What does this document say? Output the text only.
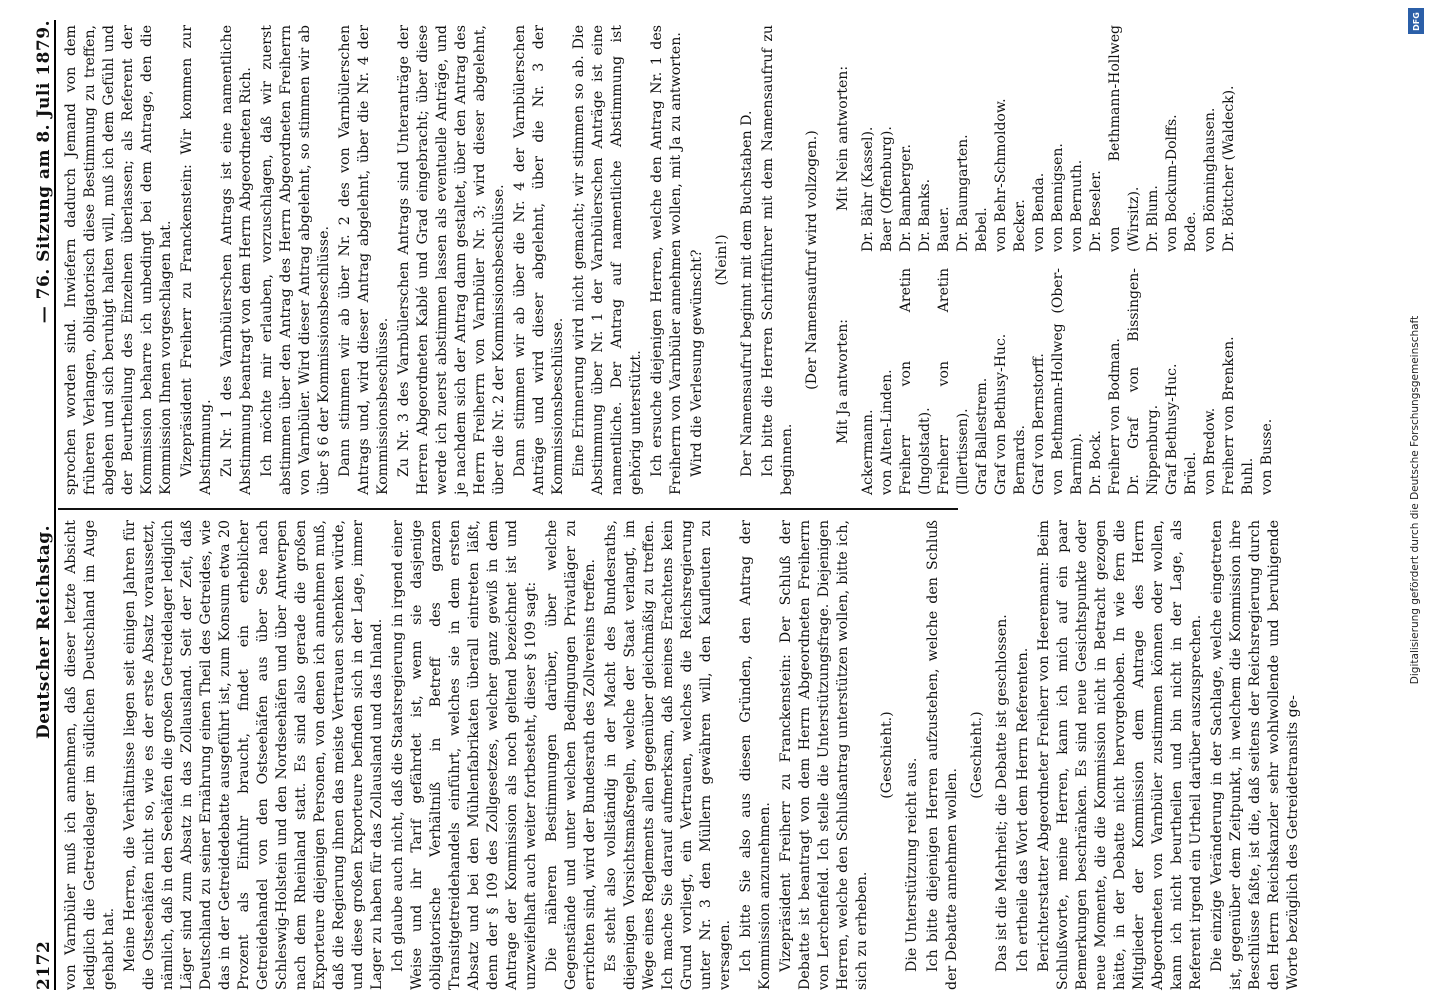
2172
Deutscher Reichstag.
— 76. Sitzung am 8. Juli 1879.

von Varnbüler muß ich annehmen, daß dieser letzte Absicht lediglich die Getreidelager im südlichen Deutschland im Auge gehabt hat. Meine Herren, die Verhältnisse liegen seit einigen Jahren für die Ostseehäfen nicht so, wie es der erste Absatz voraussetzt, nämlich, daß in den Seehäfen die großen Getreidelager lediglich Läger sind zum Absatz in das Zollausland. Seit der Zeit, daß Deutschland zu seiner Ernährung einen Theil des Getreides, wie das in der Getreidedebatte ausgeführt ist, zum Konsum etwa 20 Prozent als Einfuhr braucht, findet ein erheblicher Getreidehandel von den Ostseehäfen aus über See nach Schleswig-Holstein und den Nordseehäfen und über Antwerpen nach dem Rheinland statt. Es sind also gerade die großen Exporteure diejenigen Personen, von denen ich annehmen muß, daß die Regierung ihnen das meiste Vertrauen schenken würde, und diese großen Exporteure befinden sich in der Lage, immer Lager zu haben für das Zollausland und das Inland. Ich glaube auch nicht, daß die Staatsregierung in irgend einer Weise und ihr Tarif gefährdet ist, wenn sie dasjenige obligatorische Verhältniß in Betreff des ganzen Transitgetreidehandels einführt, welches sie in dem ersten Absatz und bei den Mühlenfabrikaten überall eintreten läßt, denn der § 109 des Zollgesetzes, welcher ganz gewiß in dem Antrage der Kommission als noch geltend bezeichnet ist und unzweifelhaft auch weiter fortbesteht, dieser § 109 sagt: Die näheren Bestimmungen darüber, über welche Gegenstände und unter welchen Bedingungen Privatläger zu errichten sind, wird der Bundesrath des Zollvereins treffen. Es steht also vollständig in der Macht des Bundesraths, diejenigen Vorsichtsmaßregeln, welche der Staat verlangt, im Wege eines Reglements allen gegenüber gleichmäßig zu treffen. Ich mache Sie darauf aufmerksam, daß meines Erachtens kein Grund vorliegt, ein Vertrauen, welches die Reichsregierung unter Nr. 3 den Müllern gewähren will, den Kaufleuten zu versagen. Ich bitte Sie also aus diesen Gründen, den Antrag der Kommission anzunehmen. Vizepräsident Freiherr zu Franckenstein: Der Schluß der Debatte ist beantragt von dem Herrn Abgeordneten Freiherrn von Lerchenfeld. Ich stelle die Unterstützungsfrage. Diejenigen Herren, welche den Schlußantrag unterstützen wollen, bitte ich, sich zu erheben.

(Geschieht.)

Die Unterstützung reicht aus. Ich bitte diejenigen Herren aufzustehen, welche den Schluß der Debatte annehmen wollen.

(Geschieht.) Das ist die Mehrheit; die Debatte ist geschlossen. Ich ertheile das Wort dem Herrn Referenten. Berichterstatter Abgeordneter Freiherr von Heeremann: Beim Schlußworte, meine Herren, kann ich mich auf ein paar Bemerkungen beschränken. Es sind neue Gesichtspunkte oder neue Momente, die die Kommission nicht in Betracht gezogen hätte, in der Debatte nicht hervorgehoben. In wie fern die Mitglieder der Kommission dem Antrage des Herrn Abgeordneten von Varnbüler zustimmen können oder wollen, kann ich nicht beurtheilen und bin nicht in der Lage, als Referent irgend ein Urtheil darüber auszusprechen. Die einzige Veränderung in der Sachlage, welche eingetreten ist, gegenüber dem Zeitpunkt, in welchem die Kommission ihre Beschlüsse faßte, ist die, daß seitens der Reichsregierung durch den Herrn Reichskanzler sehr wohlwollende und beruhigende Worte bezüglich des Getreidetransits ge-

sprochen worden sind. Inwiefern dadurch Jemand von dem früheren Verlangen, obligatorisch diese Bestimmung zu treffen, abgehen und sich beruhigt halten will, muß ich dem Gefühl und der Beurtheilung des Einzelnen überlassen; als Referent der Kommission beharre ich unbedingt bei dem Antrage, den die Kommission Ihnen vorgeschlagen hat. Vizepräsident Freiherr zu Franckenstein: Wir kommen zur Abstimmung. Zu Nr. 1 des Varnbülerschen Antrags ist eine namentliche Abstimmung beantragt von dem Herrn Abgeordneten Rich. Ich möchte mir erlauben, vorzuschlagen, daß wir zuerst abstimmen über den Antrag des Herrn Abgeordneten Freiherrn von Varnbüler. Wird dieser Antrag abgelehnt, so stimmen wir ab über § 6 der Kommissionsbeschlüsse. Dann stimmen wir ab über Nr. 2 des von Varnbülerschen Antrags und, wird dieser Antrag abgelehnt, über die Nr. 4 der Kommissionsbeschlüsse. Zu Nr. 3 des Varnbülerschen Antrags sind Unteranträge der Herren Abgeordneten Kablé und Grad eingebracht; über diese werde ich zuerst abstimmen lassen als eventuelle Anträge, und je nachdem sich der Antrag dann gestaltet, über den Antrag des Herrn Freiherrn von Varnbüler Nr. 3; wird dieser abgelehnt, über die Nr. 2 der Kommissionsbeschlüsse. Dann stimmen wir ab über die Nr. 4 der Varnbülerschen Anträge und wird dieser abgelehnt, über die Nr. 3 der Kommissionsbeschlüsse. Eine Erinnerung wird nicht gemacht; wir stimmen so ab. Die Abstimmung über Nr. 1 der Varnbülerschen Anträge ist eine namentliche. Der Antrag auf namentliche Abstimmung ist gehörig unterstützt. Ich ersuche diejenigen Herren, welche den Antrag Nr. 1 des Freiherrn von Varnbüler annehmen wollen, mit Ja zu antworten. Wird die Verlesung gewünscht? (Nein!) Der Namensaufruf beginnt mit dem Buchstaben D. Ich bitte die Herren Schriftführer mit dem Namensaufruf zu beginnen.

(Der Namensaufruf wird vollzogen.) Mit Ja antworten:
Ackermann. von Alten-Linden. Freiherr von Aretin (Ingolstadt). Freiherr von Aretin (Illertissen). Graf Ballestrem. Graf von Bethusy-Huc. Bernards. Graf von Bernstorff. von Bethmann-Hollweg (Ober-Barnim). Dr. Bock. Freiherr von Bodman. Dr. Graf von Bissingen-Nippenburg. Graf Bethusy-Huc. Brüel. von Bredow. Freiherr von Brenken. Buhl. von Busse.
Mit Nein antworten: Dr. Bähr (Kassel). Baer (Offenburg). Dr. Bamberger. Dr. Banks. Bauer. Dr. Baumgarten. Bebel. von Behr-Schmoldow. Becker. von Benda. von Bennigsen. von Bernuth. Dr. Beseler. von Bethmann-Hollweg (Wirsitz). Dr. Blum. von Bockum-Dolffs. Bode. von Bönninghausen. Dr. Böttcher (Waldeck).
Digitalisierung gefördert durch die Deutsche Forschungsgemeinschaft
DFG
